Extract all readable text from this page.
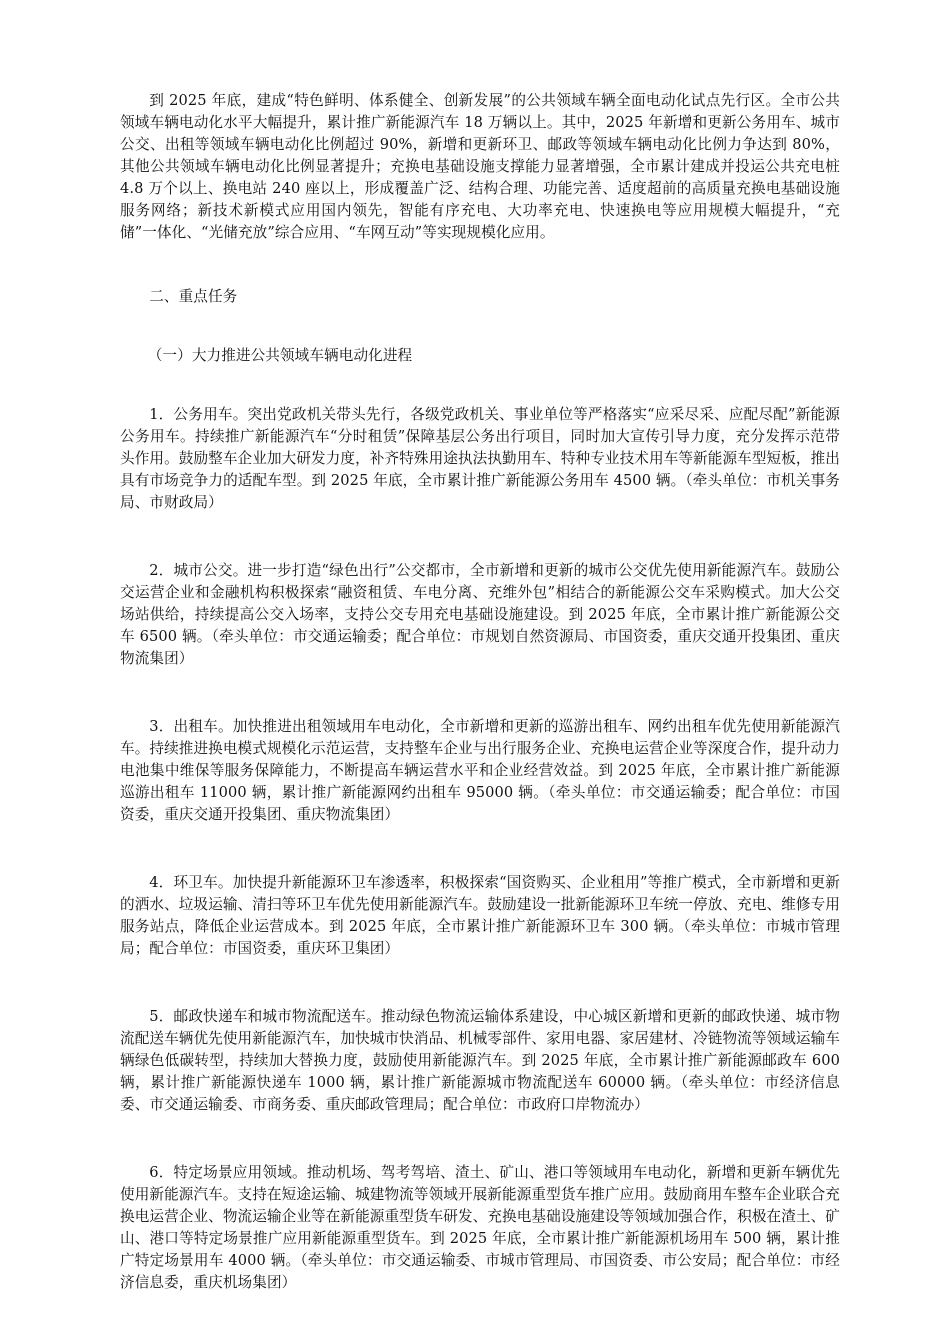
到 2025 年底，建成“特色鲜明、体系健全、创新发展”的公共领域车辆全面电动化试点先行区。全市公共领域车辆电动化水平大幅提升，累计推广新能源汽车 18 万辆以上。其中，2025 年新增和更新公务用车、城市公交、出租等领域车辆电动化比例超过 90%，新增和更新环卫、邮政等领域车辆电动化比例力争达到 80%，其他公共领域车辆电动化比例显著提升；充换电基础设施支撑能力显著增强，全市累计建成并投运公共充电桩 4.8 万个以上、换电站 240 座以上，形成覆盖广泛、结构合理、功能完善、适度超前的高质量充换电基础设施服务网络；新技术新模式应用国内领先，智能有序充电、大功率充电、快速换电等应用规模大幅提升，“充储”一体化、“光储充放”综合应用、“车网互动”等实现规模化应用。

二、重点任务

（一）大力推进公共领域车辆电动化进程

1．公务用车。突出党政机关带头先行，各级党政机关、事业单位等严格落实“应采尽采、应配尽配”新能源公务用车。持续推广新能源汽车“分时租赁”保障基层公务出行项目，同时加大宣传引导力度，充分发挥示范带头作用。鼓励整车企业加大研发力度，补齐特殊用途执法执勤用车、特种专业技术用车等新能源车型短板，推出具有市场竞争力的适配车型。到 2025 年底，全市累计推广新能源公务用车 4500 辆。（牵头单位：市机关事务局、市财政局）

2．城市公交。进一步打造“绿色出行”公交都市，全市新增和更新的城市公交优先使用新能源汽车。鼓励公交运营企业和金融机构积极探索“融资租赁、车电分离、充维外包”相结合的新能源公交车采购模式。加大公交场站供给，持续提高公交入场率，支持公交专用充电基础设施建设。到 2025 年底，全市累计推广新能源公交车 6500 辆。（牵头单位：市交通运输委；配合单位：市规划自然资源局、市国资委，重庆交通开投集团、重庆物流集团）

3．出租车。加快推进出租领域用车电动化，全市新增和更新的巡游出租车、网约出租车优先使用新能源汽车。持续推进换电模式规模化示范运营，支持整车企业与出行服务企业、充换电运营企业等深度合作，提升动力电池集中维保等服务保障能力，不断提高车辆运营水平和企业经营效益。到 2025 年底，全市累计推广新能源巡游出租车 11000 辆，累计推广新能源网约出租车 95000 辆。（牵头单位：市交通运输委；配合单位：市国资委，重庆交通开投集团、重庆物流集团）

4．环卫车。加快提升新能源环卫车渗透率，积极探索“国资购买、企业租用”等推广模式，全市新增和更新的洒水、垃圾运输、清扫等环卫车优先使用新能源汽车。鼓励建设一批新能源环卫车统一停放、充电、维修专用服务站点，降低企业运营成本。到 2025 年底，全市累计推广新能源环卫车 300 辆。（牵头单位：市城市管理局；配合单位：市国资委，重庆环卫集团）

5．邮政快递车和城市物流配送车。推动绿色物流运输体系建设，中心城区新增和更新的邮政快递、城市物流配送车辆优先使用新能源汽车，加快城市快消品、机械零部件、家用电器、家居建材、冷链物流等领域运输车辆绿色低碳转型，持续加大替换力度，鼓励使用新能源汽车。到 2025 年底，全市累计推广新能源邮政车 600 辆，累计推广新能源快递车 1000 辆，累计推广新能源城市物流配送车 60000 辆。（牵头单位：市经济信息委、市交通运输委、市商务委、重庆邮政管理局；配合单位：市政府口岸物流办）

6．特定场景应用领域。推动机场、驾考驾培、渣土、矿山、港口等领域用车电动化，新增和更新车辆优先使用新能源汽车。支持在短途运输、城建物流等领域开展新能源重型货车推广应用。鼓励商用车整车企业联合充换电运营企业、物流运输企业等在新能源重型货车研发、充换电基础设施建设等领域加强合作，积极在渣土、矿山、港口等特定场景推广应用新能源重型货车。到 2025 年底，全市累计推广新能源机场用车 500 辆，累计推广特定场景用车 4000 辆。（牵头单位：市交通运输委、市城市管理局、市国资委、市公安局；配合单位：市经济信息委，重庆机场集团）
